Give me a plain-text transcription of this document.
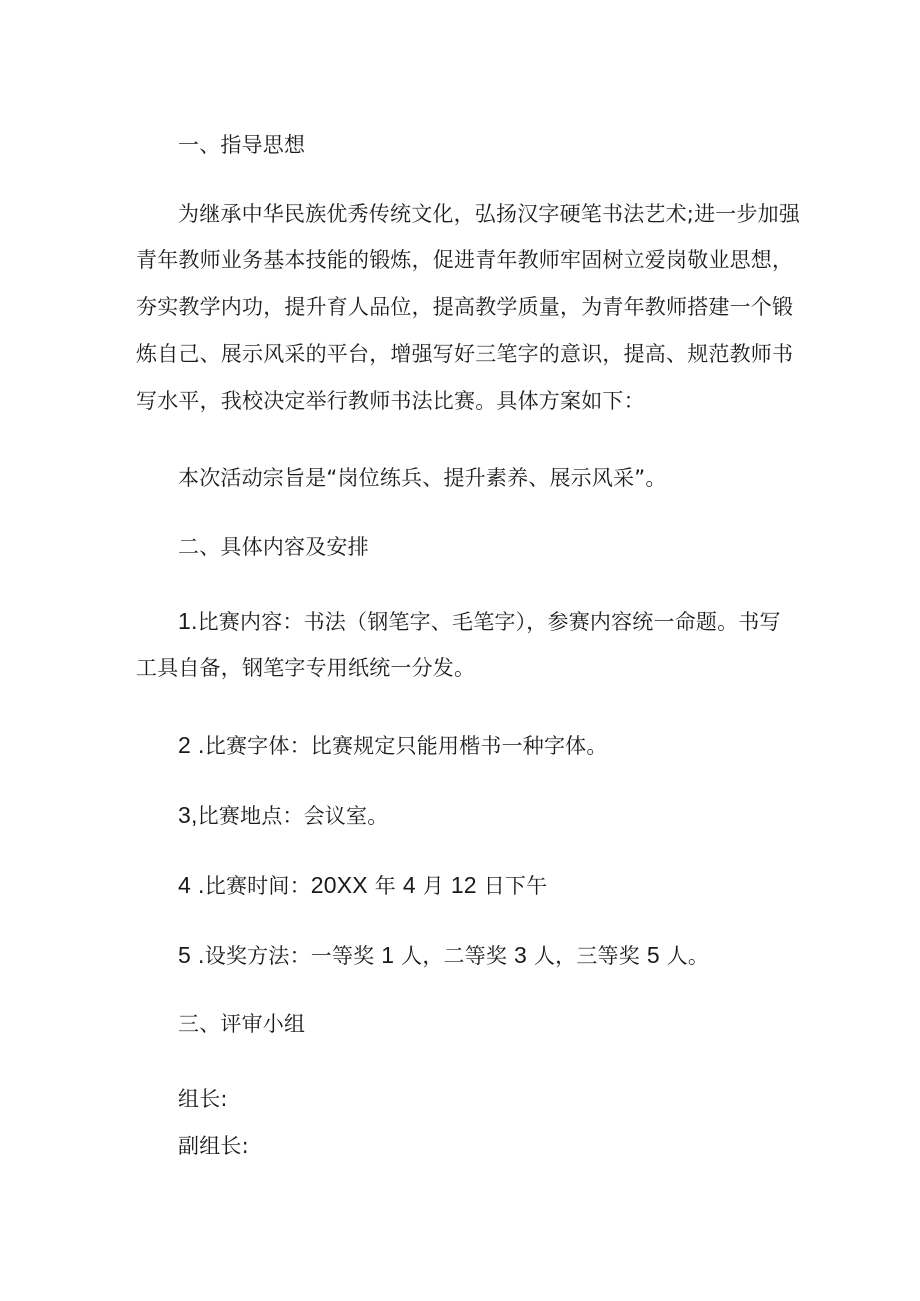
一、指导思想
为继承中华民族优秀传统文化，弘扬汉字硬笔书法艺术;进一步加强
青年教师业务基本技能的锻炼，促进青年教师牢固树立爱岗敬业思想，
夯实教学内功，提升育人品位，提高教学质量，为青年教师搭建一个锻
炼自己、展示风采的平台，增强写好三笔字的意识，提高、规范教师书
写水平，我校决定举行教师书法比赛。具体方案如下：
本次活动宗旨是“岗位练兵、提升素养、展示风采”。
二、具体内容及安排
1.比赛内容：书法（钢笔字、毛笔字），参赛内容统一命题。书写
工具自备，钢笔字专用纸统一分发。
2 .比赛字体：比赛规定只能用楷书一种字体。
3,比赛地点：会议室。
4 .比赛时间：20XX 年 4 月 12 日下午
5 .设奖方法：一等奖 1 人，二等奖 3 人，三等奖 5 人。
三、评审小组
组长:
副组长:
